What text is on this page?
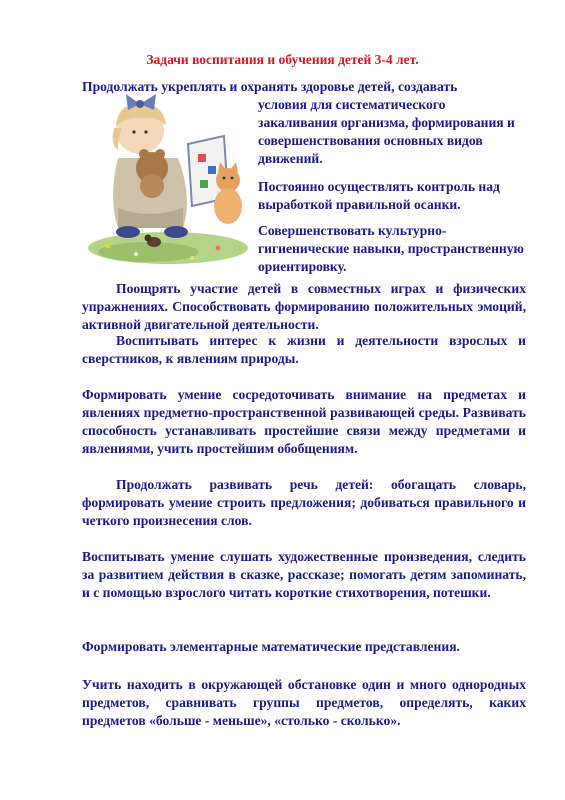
Задачи воспитания и обучения детей 3-4 лет.
Продолжать укреплять и охранять здоровье детей, создавать
условия для систематического закаливания организма, формирования и совершенствования основных видов движений.
Постоянно осуществлять контроль над выработкой правильной осанки.
Совершенствовать культурно-гигиенические навыки, пространственную ориентировку.
Поощрять участие детей в совместных играх и физических упражнениях. Способствовать формированию положительных эмоций, активной двигательной деятельности.
Воспитывать интерес к жизни и деятельности взрослых и сверстников, к явлениям природы.
Формировать умение сосредоточивать внимание на предметах и явлениях предметно-пространственной развивающей среды. Развивать способность устанавливать простейшие связи между предметами и явлениями, учить простейшим обобщениям.
Продолжать развивать речь детей: обогащать словарь, формировать умение строить предложения; добиваться правильного и четкого произнесения слов.
Воспитывать умение слушать художественные произведения, следить за развитием действия в сказке, рассказе; помогать детям запоминать, и с помощью взрослого читать короткие стихотворения, потешки.
Формировать элементарные математические представления.
Учить находить в окружающей обстановке один и много однородных предметов, сравнивать группы предметов, определять, каких предметов «больше - меньше», «столько - сколько».
